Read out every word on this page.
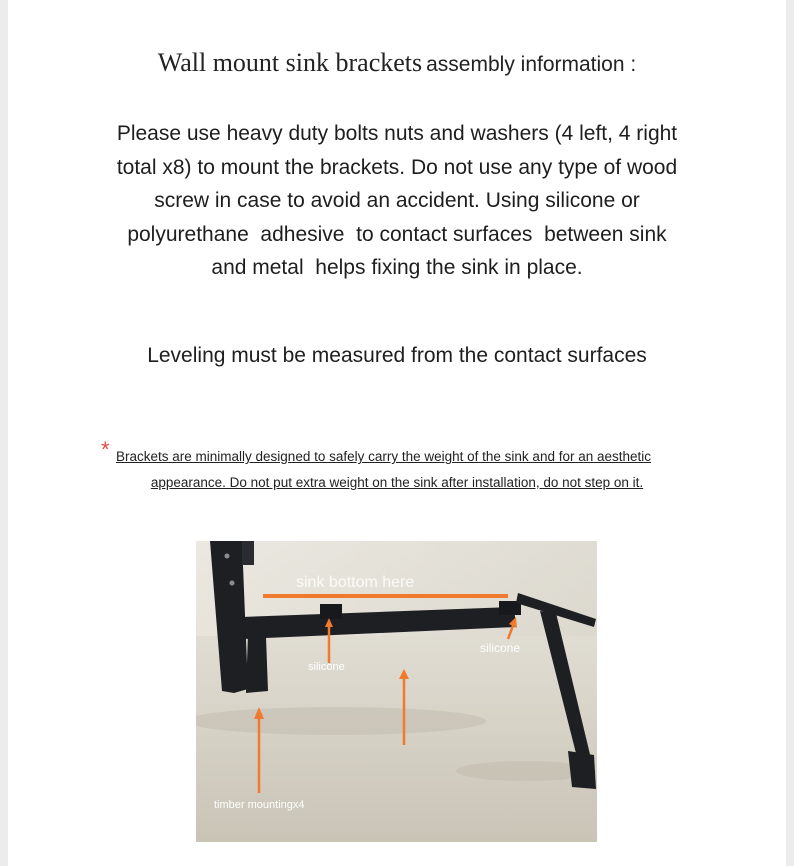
Wall mount sink brackets assembly information :
Please use heavy duty bolts nuts and washers (4 left, 4 right
total x8) to mount the brackets. Do not use any type of wood
screw in case to avoid an accident. Using silicone or
polyurethane  adhesive  to contact surfaces  between sink
and metal  helps fixing the sink in place.
Leveling must be measured from the contact surfaces
* Brackets are minimally designed to safely carry the weight of the sink and for an aesthetic
appearance. Do not put extra weight on the sink after installation, do not step on it.
sink bottom here
silicone
silicone
timber mountingx4
